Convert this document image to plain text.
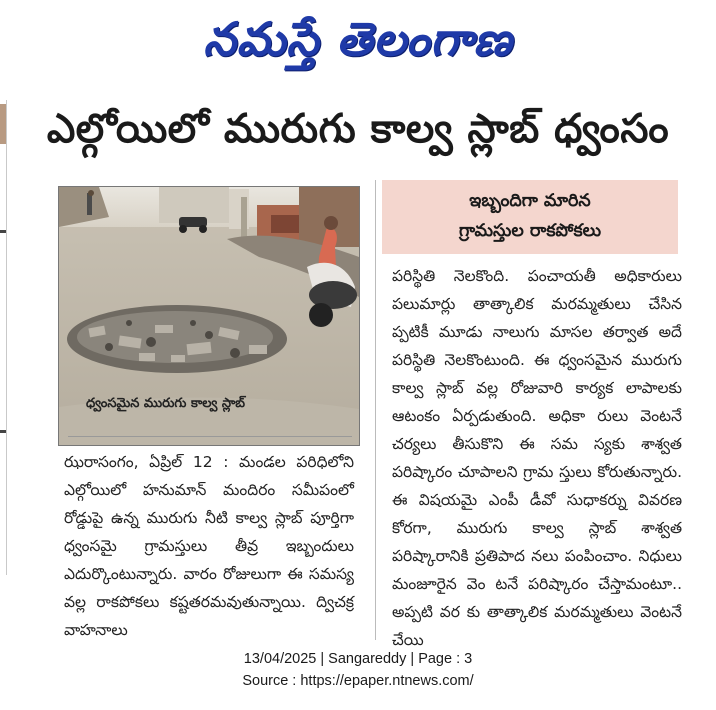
నమస్తే తెలంగాణ
ఎల్గోయిలో మురుగు కాల్వ స్లాబ్ ధ్వంసం
ధ్వంసమైన మురుగు కాల్వ స్లాబ్
ఝరాసంగం, ఏప్రిల్ 12 : మండల పరిధిలోని ఎల్గోయిలో హనుమాన్ మందిరం సమీపంలో రోడ్డుపై ఉన్న మురుగు నీటి కాల్వ స్లాబ్ పూర్తిగా ధ్వంసమై గ్రామస్తులు తీవ్ర ఇబ్బందులు ఎదుర్కొంటున్నారు. వారం రోజులుగా ఈ సమస్య వల్ల రాకపోకలు కష్టతరమవుతున్నాయి. ద్విచక్ర వాహనాలు
ఇబ్బందిగా మారిన
గ్రామస్తుల రాకపోకలు
పరిస్థితి నెలకొంది. పంచాయతీ అధికారులు పలుమార్లు తాత్కాలిక మరమ్మతులు చేసిన ప్పటికీ మూడు నాలుగు మాసల తర్వాత అదే పరిస్థితి నెలకొంటుంది. ఈ ధ్వంసమైన మురుగు కాల్వ స్లాబ్ వల్ల రోజువారి కార్యక లాపాలకు ఆటంకం ఏర్పడుతుంది. అధికా రులు వెంటనే చర్యలు తీసుకొని ఈ సమ స్యకు శాశ్వత పరిష్కారం చూపాలని గ్రామ స్తులు కోరుతున్నారు. ఈ విషయమై ఎంపీ డీవో సుధాకర్ను వివరణ కోరగా, మురుగు కాల్వ స్లాబ్ శాశ్వత పరిష్కారానికి ప్రతిపాద నలు పంపించాం. నిధులు మంజూరైన వెం టనే పరిష్కారం చేస్తామంటూ.. అప్పటి వర కు తాత్కాలిక మరమ్మతులు వెంటనే చేయి
13/04/2025 | Sangareddy | Page : 3
Source : https://epaper.ntnews.com/
